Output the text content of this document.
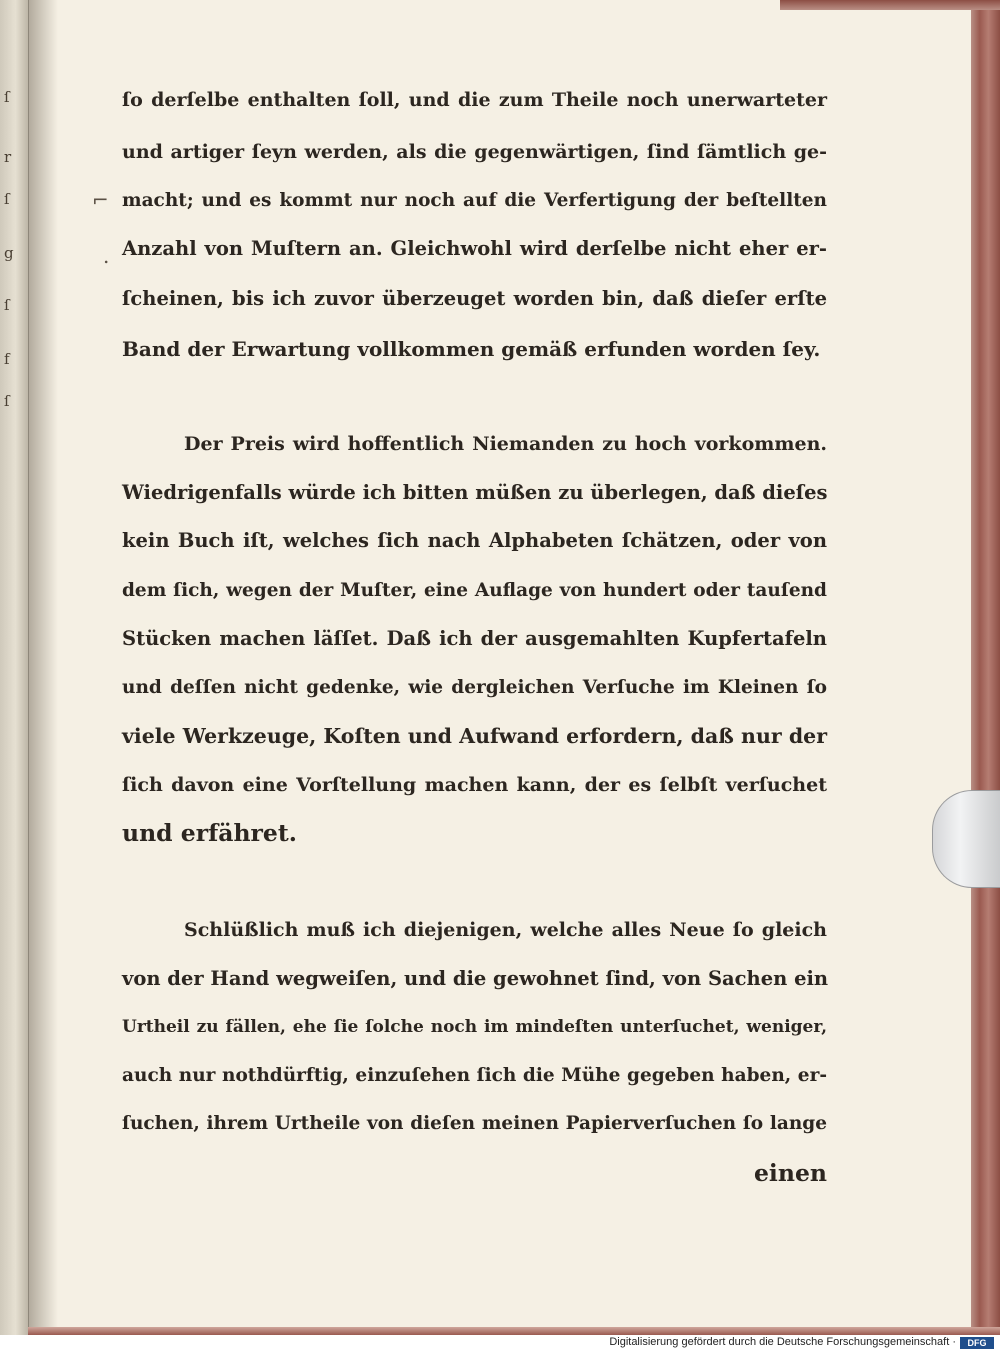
ſ
r
ſ
g
ſ
f
ſ
⌐
.
ſo derſelbe enthalten ſoll, und die zum Theile noch unerwarteter
und artiger ſeyn werden, als die gegenwärtigen, ſind ſämtlich ge-
macht; und es kommt nur noch auf die Verfertigung der beſtellten
Anzahl von Muſtern an. Gleichwohl wird derſelbe nicht eher er-
ſcheinen, bis ich zuvor überzeuget worden bin, daß dieſer erſte
Band der Erwartung vollkommen gemäß erfunden worden ſey.
Der Preis wird hoffentlich Niemanden zu hoch vorkommen.
Wiedrigenfalls würde ich bitten müßen zu überlegen, daß dieſes
kein Buch iſt, welches ſich nach Alphabeten ſchätzen, oder von
dem ſich, wegen der Muſter, eine Auflage von hundert oder tauſend
Stücken machen läſſet. Daß ich der ausgemahlten Kupfertafeln
und deſſen nicht gedenke, wie dergleichen Verſuche im Kleinen ſo
viele Werkzeuge, Koſten und Aufwand erfordern, daß nur der
ſich davon eine Vorſtellung machen kann, der es ſelbſt verſuchet
und erfähret.
Schlüßlich muß ich diejenigen, welche alles Neue ſo gleich
von der Hand wegweiſen, und die gewohnet ſind, von Sachen ein
Urtheil zu fällen, ehe ſie ſolche noch im mindeſten unterſuchet, weniger,
auch nur nothdürftig, einzuſehen ſich die Mühe gegeben haben, er-
ſuchen, ihrem Urtheile von dieſen meinen Papierverſuchen ſo lange
einen
Digitalisierung gefördert durch die Deutsche Forschungsgemeinschaft ·	DFG
